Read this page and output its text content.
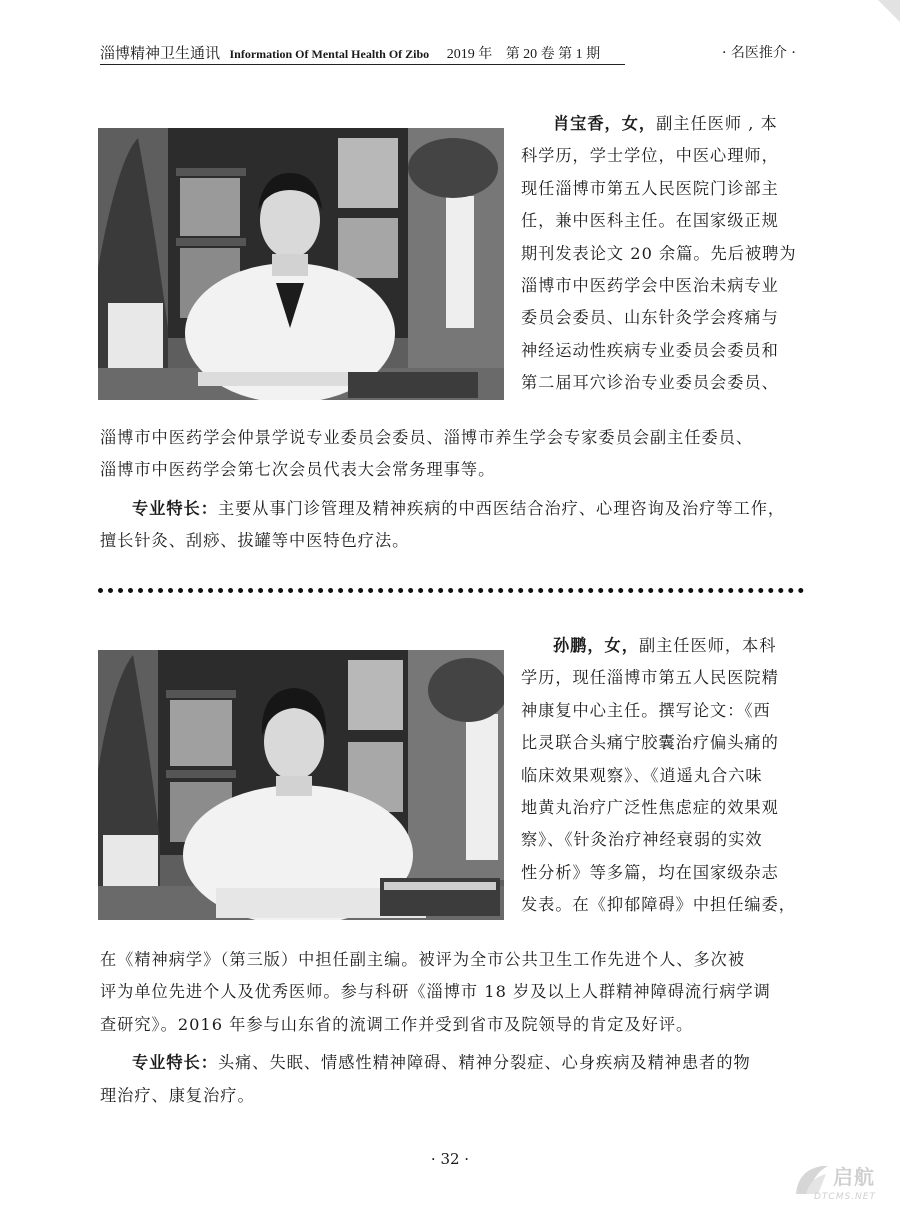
淄博精神卫生通讯 Information Of Mental Health Of Zibo 2019 年 第 20 卷 第 1 期	· 名医推介 ·

肖宝香，女，副主任医师 , 本

科学历，学士学位，中医心理师，

现任淄博市第五人民医院门诊部主

任，兼中医科主任。在国家级正规

期刊发表论文 20 余篇。先后被聘为

淄博市中医药学会中医治未病专业

委员会委员、山东针灸学会疼痛与

神经运动性疾病专业委员会委员和

第二届耳穴诊治专业委员会委员、

淄博市中医药学会仲景学说专业委员会委员、淄博市养生学会专家委员会副主任委员、

淄博市中医药学会第七次会员代表大会常务理事等。

专业特长：主要从事门诊管理及精神疾病的中西医结合治疗、心理咨询及治疗等工作，

擅长针灸、刮痧、拔罐等中医特色疗法。

孙鹏，女，副主任医师，本科

学历，现任淄博市第五人民医院精

神康复中心主任。撰写论文：《西

比灵联合头痛宁胶囊治疗偏头痛的

临床效果观察》、《逍遥丸合六味

地黄丸治疗广泛性焦虑症的效果观

察》、《针灸治疗神经衰弱的实效

性分析》等多篇，均在国家级杂志

发表。在《抑郁障碍》中担任编委，

在《精神病学》（第三版）中担任副主编。被评为全市公共卫生工作先进个人、多次被

评为单位先进个人及优秀医师。参与科研《淄博市 18 岁及以上人群精神障碍流行病学调

查研究》。2016 年参与山东省的流调工作并受到省市及院领导的肯定及好评。

专业特长：头痛、失眠、情感性精神障碍、精神分裂症、心身疾病及精神患者的物

理治疗、康复治疗。

· 32 ·
启航
DTCMS.NET
